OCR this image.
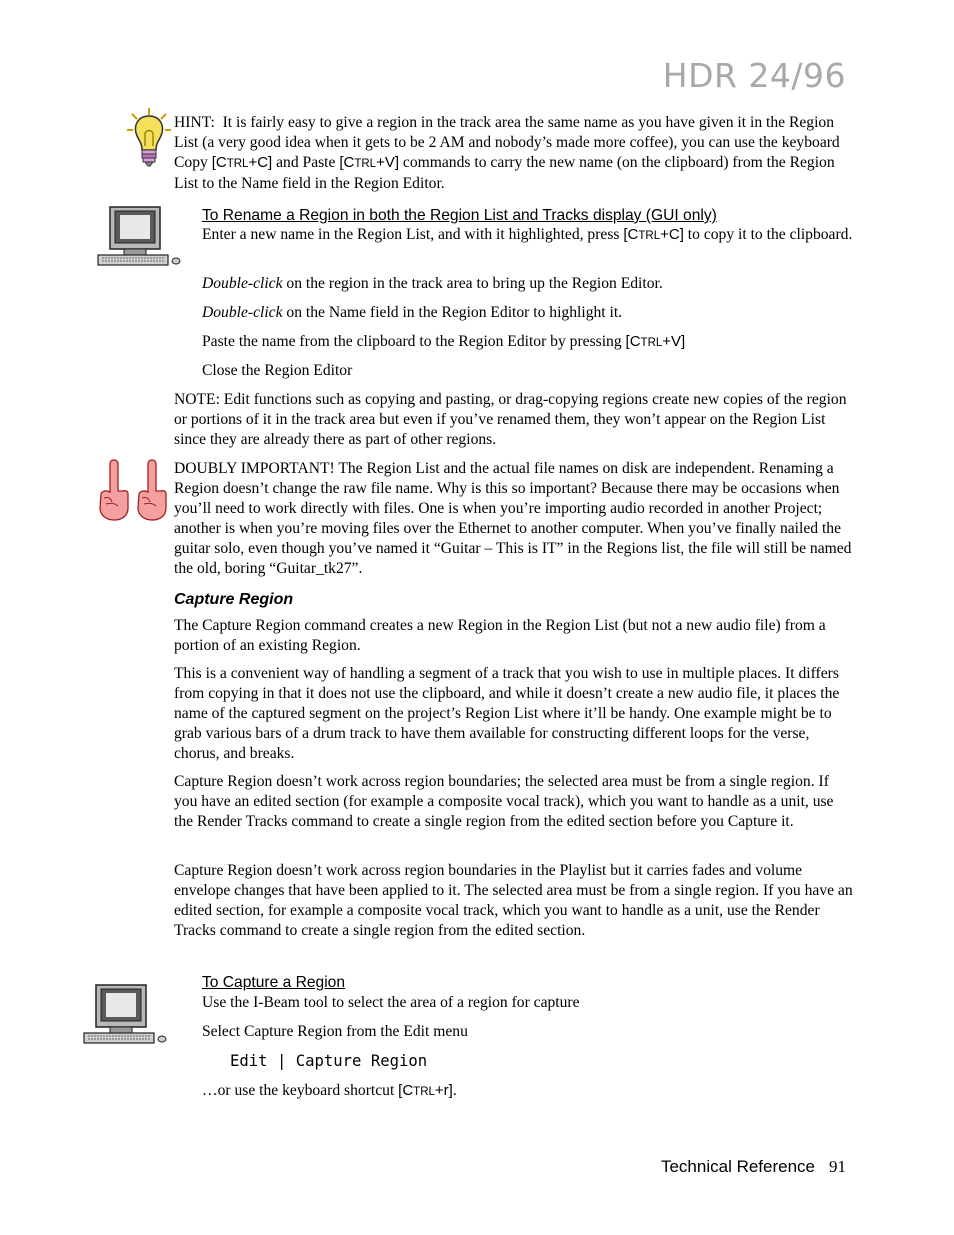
HDR 24/96

HINT: It is fairly easy to give a region in the track area the same name as you have given it in the Region List (a very good idea when it gets to be 2 AM and nobody’s made more coffee), you can use the keyboard Copy [CTRL+C] and Paste [CTRL+V] commands to carry the new name (on the clipboard) from the Region List to the Name field in the Region Editor.

To Rename a Region in both the Region List and Tracks display (GUI only)

Enter a new name in the Region List, and with it highlighted, press [CTRL+C] to copy it to the clipboard.

Double-click on the region in the track area to bring up the Region Editor.

Double-click on the Name field in the Region Editor to highlight it.

Paste the name from the clipboard to the Region Editor by pressing [CTRL+V]

Close the Region Editor

NOTE: Edit functions such as copying and pasting, or drag-copying regions create new copies of the region or portions of it in the track area but even if you’ve renamed them, they won’t appear on the Region List since they are already there as part of other regions.

DOUBLY IMPORTANT! The Region List and the actual file names on disk are independent. Renaming a Region doesn’t change the raw file name. Why is this so important? Because there may be occasions when you’ll need to work directly with files. One is when you’re importing audio recorded in another Project; another is when you’re moving files over the Ethernet to another computer. When you’ve finally nailed the guitar solo, even though you’ve named it “Guitar – This is IT” in the Regions list, the file will still be named the old, boring “Guitar_tk27”.

Capture Region

The Capture Region command creates a new Region in the Region List (but not a new audio file) from a portion of an existing Region.

This is a convenient way of handling a segment of a track that you wish to use in multiple places. It differs from copying in that it does not use the clipboard, and while it doesn’t create a new audio file, it places the name of the captured segment on the project’s Region List where it’ll be handy. One example might be to grab various bars of a drum track to have them available for constructing different loops for the verse, chorus, and breaks.

Capture Region doesn’t work across region boundaries; the selected area must be from a single region. If you have an edited section (for example a composite vocal track), which you want to handle as a unit, use the Render Tracks command to create a single region from the edited section before you Capture it.

Capture Region doesn’t work across region boundaries in the Playlist but it carries fades and volume envelope changes that have been applied to it. The selected area must be from a single region. If you have an edited section, for example a composite vocal track, which you want to handle as a unit, use the Render Tracks command to create a single region from the edited section.

To Capture a Region

Use the I-Beam tool to select the area of a region for capture

Select Capture Region from the Edit menu

Edit | Capture Region

…or use the keyboard shortcut [CTRL+r].

Technical Reference 91
